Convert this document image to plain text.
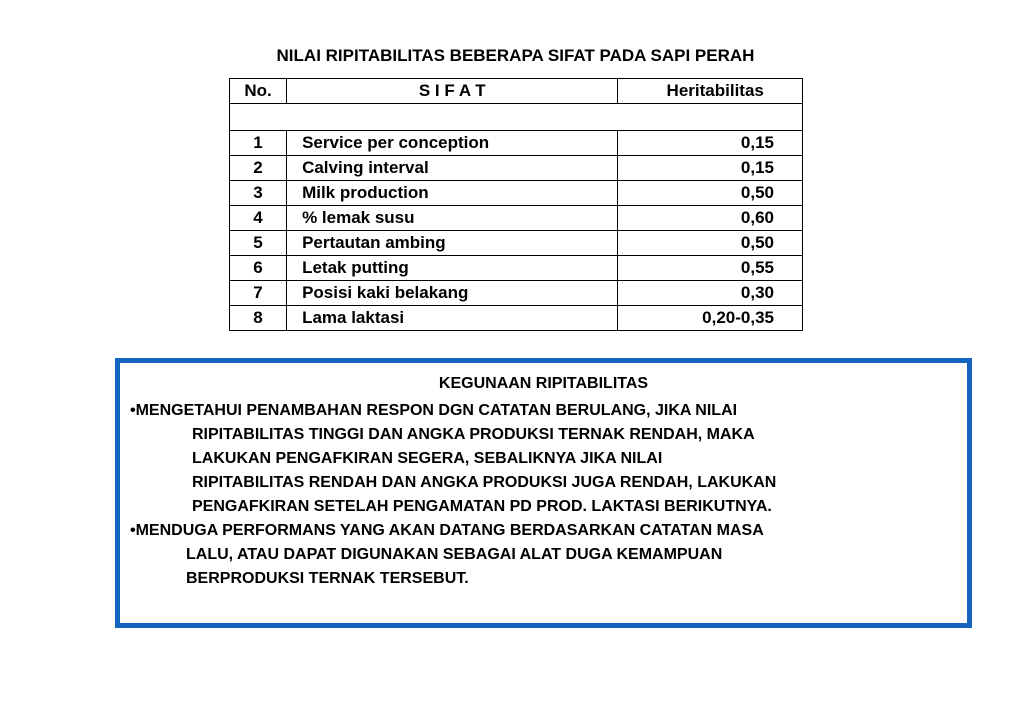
NILAI RIPITABILITAS BEBERAPA SIFAT PADA SAPI PERAH
No.	S I F A T	Heritabilitas

1	Service per conception	0,15
2	Calving interval	0,15
3	Milk production	0,50
4	% lemak susu	0,60
5	Pertautan ambing	0,50
6	Letak putting	0,55
7	Posisi kaki belakang	0,30
8	Lama laktasi	0,20-0,35
KEGUNAAN RIPITABILITAS
•MENGETAHUI PENAMBAHAN RESPON DGN CATATAN BERULANG, JIKA NILAI
RIPITABILITAS TINGGI DAN ANGKA PRODUKSI TERNAK RENDAH, MAKA
LAKUKAN PENGAFKIRAN SEGERA, SEBALIKNYA JIKA NILAI
RIPITABILITAS RENDAH DAN ANGKA PRODUKSI JUGA RENDAH, LAKUKAN
PENGAFKIRAN SETELAH PENGAMATAN PD PROD. LAKTASI BERIKUTNYA.
•MENDUGA PERFORMANS YANG AKAN DATANG BERDASARKAN CATATAN MASA
LALU, ATAU DAPAT DIGUNAKAN SEBAGAI ALAT DUGA KEMAMPUAN
BERPRODUKSI TERNAK TERSEBUT.
